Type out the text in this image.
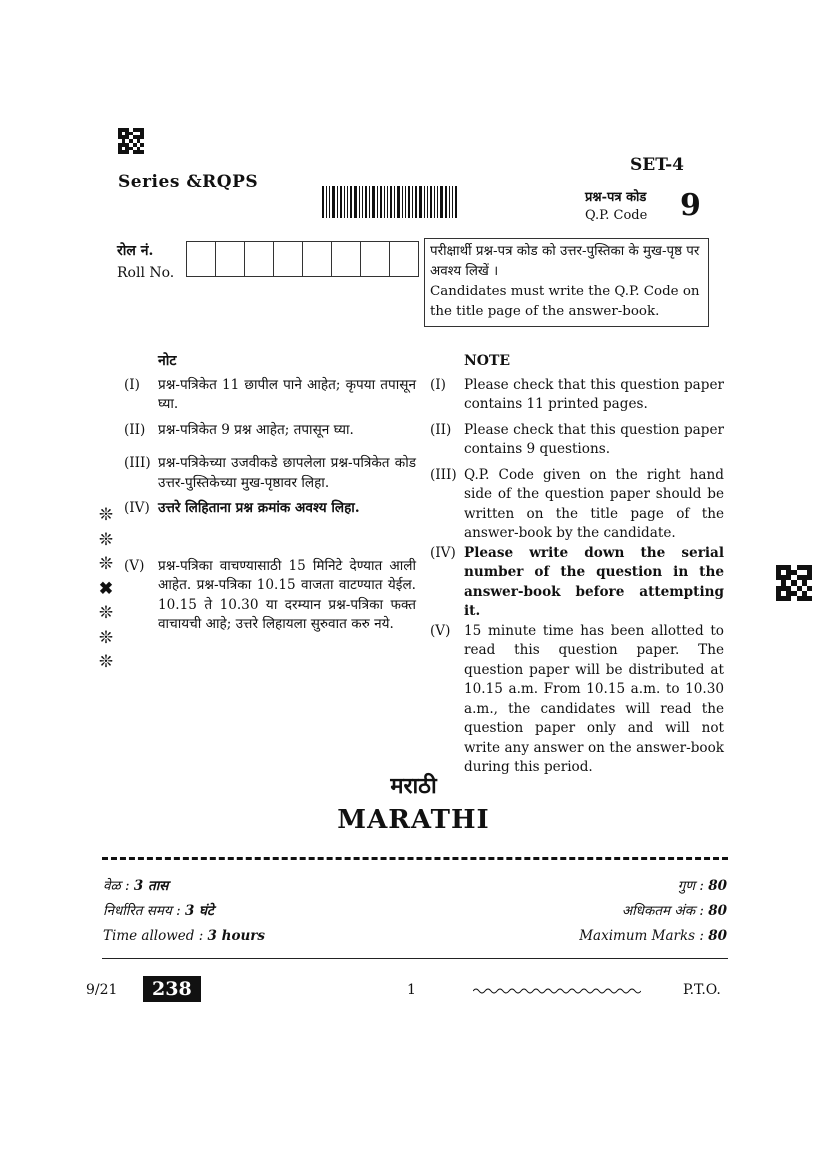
Series &RQPS
SET-4
प्रश्न-पत्र कोड
Q.P. Code 9
रोल नं.
Roll No.
परीक्षार्थी प्रश्न-पत्र कोड को उत्तर-पुस्तिका के मुख-पृष्ठ पर अवश्य लिखें ।
Candidates must write the Q.P. Code on the title page of the answer-book.
नोट
(I)	प्रश्न-पत्रिकेत 11 छापील पाने आहेत; कृपया तपासून घ्या.
(II) प्रश्न-पत्रिकेत 9 प्रश्न आहेत; तपासून घ्या.
(III) प्रश्न-पत्रिकेच्या उजवीकडे छापलेला प्रश्न-पत्रिकेत कोड उत्तर-पुस्तिकेच्या मुख-पृष्ठावर लिहा.
(IV) उत्तरे लिहिताना प्रश्न क्रमांक अवश्य लिहा.
(V) प्रश्न-पत्रिका वाचण्यासाठी 15 मिनिटे देण्यात आली आहेत. प्रश्न-पत्रिका 10.15 वाजता वाटण्यात येईल. 10.15 ते 10.30 या दरम्यान प्रश्न-पत्रिका फक्त वाचायची आहे; उत्तरे लिहायला सुरुवात करु नये.
NOTE
(I)	Please check that this question paper contains 11 printed pages.
(II) Please check that this question paper contains 9 questions.
(III) Q.P. Code given on the right hand side of the question paper should be written on the title page of the answer-book by the candidate.
(IV) Please write down the serial number of the question in the answer-book before attempting it.
(V) 15 minute time has been allotted to read this question paper. The question paper will be distributed at 10.15 a.m. From 10.15 a.m. to 10.30 a.m., the candidates will read the question paper only and will not write any answer on the answer-book during this period.
❊
❊
❊
✖
❊
❊
❊
मराठी
MARATHI
वेळ : 3 तास
निर्धारित समय : 3 घंटे
Time allowed : 3 hours
गुण : 80
अधिकतम अंक : 80
Maximum Marks : 80
9/21	238	1	P.T.O.
